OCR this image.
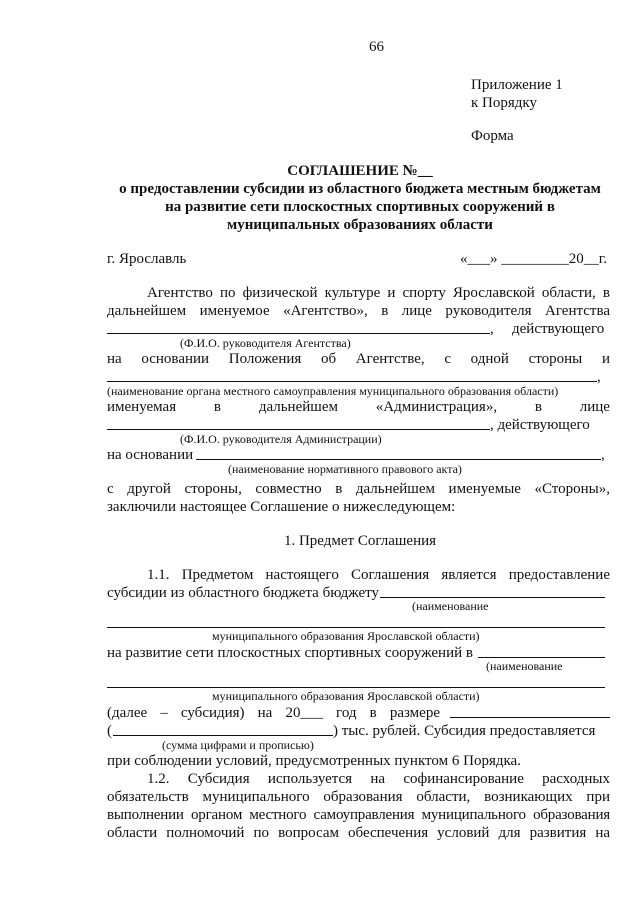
66
Приложение 1
к Порядку
Форма
СОГЛАШЕНИЕ №__
о предоставлении субсидии из областного бюджета местным бюджетам
на развитие сети плоскостных спортивных сооружений в
муниципальных образованиях области
г. Ярославль	«___» _________20__г.
Агентство по физической культуре и спорту Ярославской области, в
дальнейшем именуемое «Агентство», в лице руководителя Агентства
, действующего
(Ф.И.О. руководителя Агентства)
на основании Положения об Агентстве, с одной стороны и
,
(наименование органа местного самоуправления муниципального образования области)
именуемая	в	дальнейшем	«Администрация»,	в	лице
, действующего
(Ф.И.О. руководителя Администрации)
на основании	,
(наименование нормативного правового акта)
с другой стороны, совместно в дальнейшем именуемые «Стороны»,
заключили настоящее Соглашение о нижеследующем:
1. Предмет Соглашения
1.1. Предметом настоящего Соглашения является предоставление
субсидии из областного бюджета бюджету
(наименование
муниципального образования Ярославской области)
на развитие сети плоскостных спортивных сооружений в
(наименование
муниципального образования Ярославской области)
(далее – субсидия) на 20___ год в размере
(	) тыс. рублей. Субсидия предоставляется
(сумма цифрами и прописью)
при соблюдении условий, предусмотренных пунктом 6 Порядка.
1.2. Субсидия используется на софинансирование расходных
обязательств муниципального образования области, возникающих при
выполнении органом местного самоуправления муниципального образования
области полномочий по вопросам обеспечения условий для развития на
